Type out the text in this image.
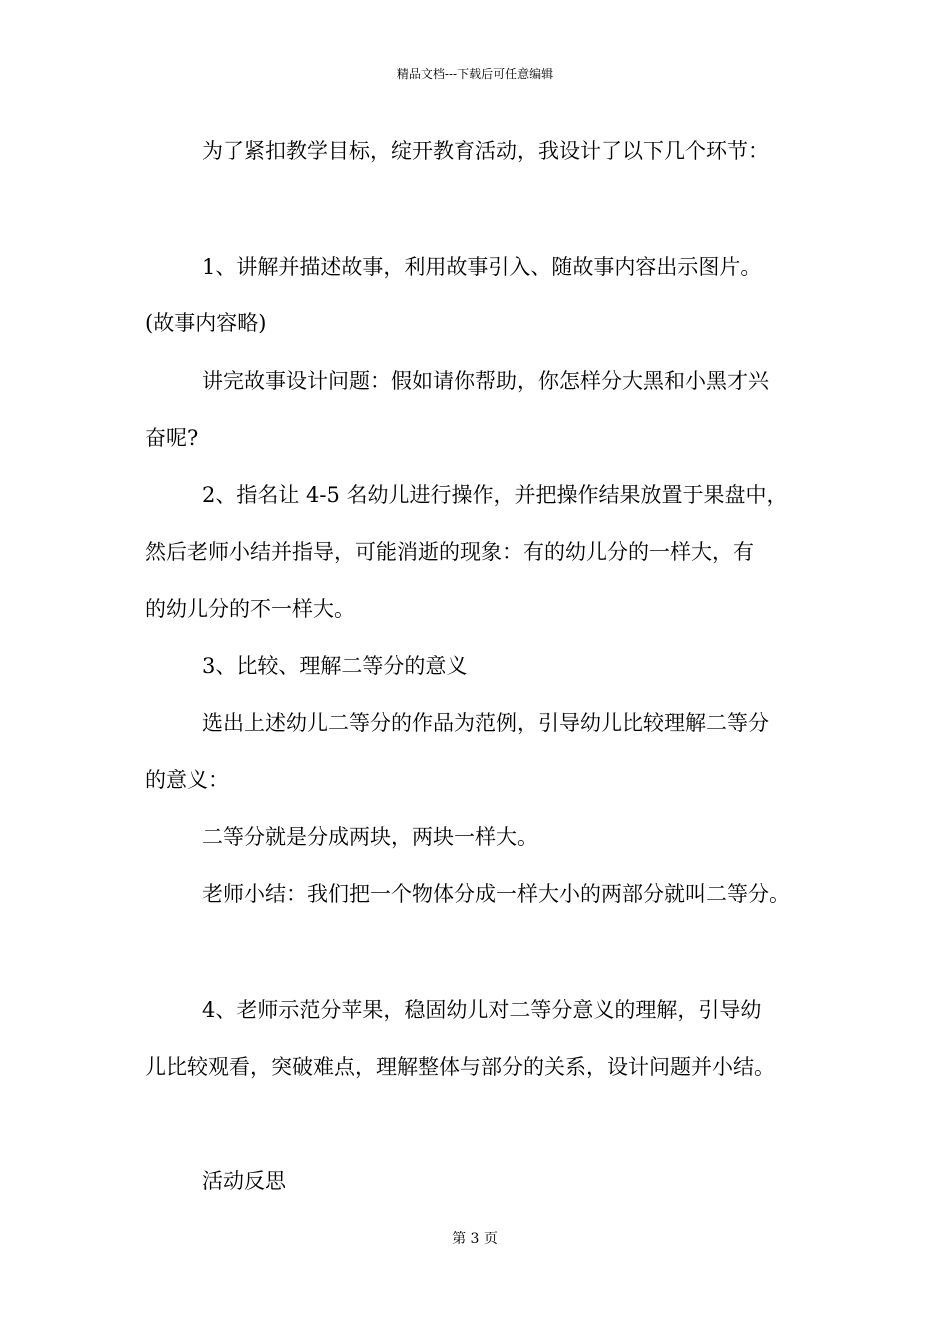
精品文档---下载后可任意编辑
为了紧扣教学目标，绽开教育活动，我设计了以下几个环节：
1、讲解并描述故事，利用故事引入、随故事内容出示图片。
(故事内容略)
讲完故事设计问题：假如请你帮助，你怎样分大黑和小黑才兴
奋呢?
2、指名让 4-5 名幼儿进行操作，并把操作结果放置于果盘中，
然后老师小结并指导，可能消逝的现象：有的幼儿分的一样大，有
的幼儿分的不一样大。
3、比较、理解二等分的意义
选出上述幼儿二等分的作品为范例，引导幼儿比较理解二等分
的意义：
二等分就是分成两块，两块一样大。
老师小结：我们把一个物体分成一样大小的两部分就叫二等分。
4、老师示范分苹果，稳固幼儿对二等分意义的理解，引导幼
儿比较观看，突破难点，理解整体与部分的关系，设计问题并小结。
活动反思
第 3 页
